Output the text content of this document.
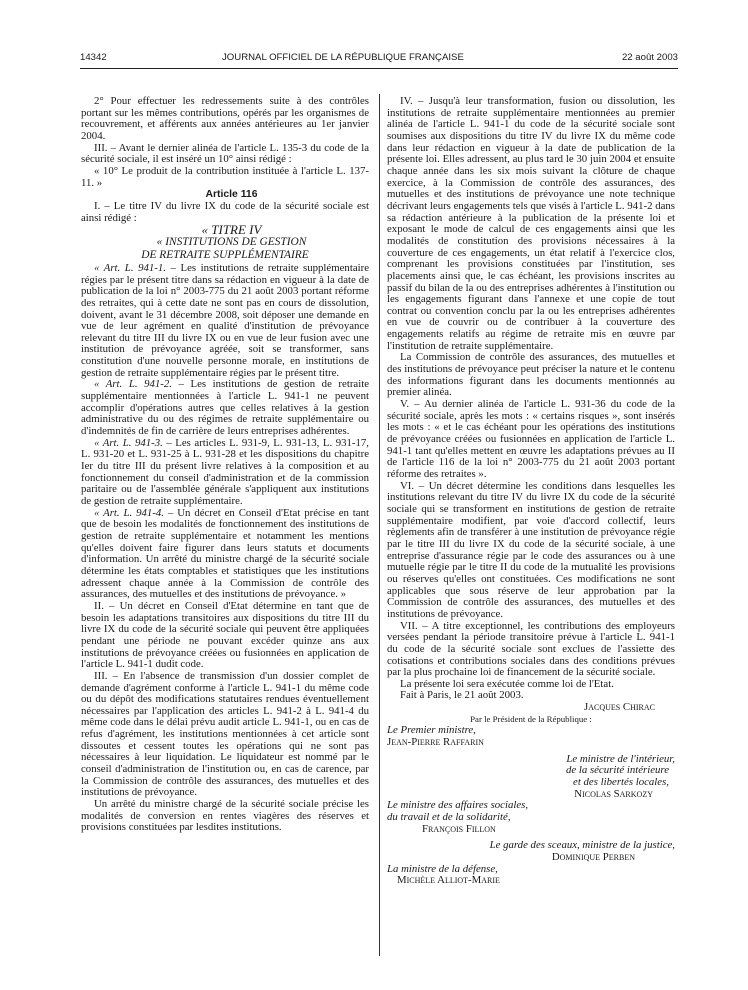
14342	JOURNAL OFFICIEL DE LA RÉPUBLIQUE FRANÇAISE	22 août 2003

2° Pour effectuer les redressements suite à des contrôles portant sur les mêmes contributions, opérés par les organismes de recouvrement, et afférents aux années antérieures au 1er janvier 2004.

III. – Avant le dernier alinéa de l'article L. 135-3 du code de la sécurité sociale, il est inséré un 10° ainsi rédigé :

« 10° Le produit de la contribution instituée à l'article L. 137-11. »

Article 116

I. – Le titre IV du livre IX du code de la sécurité sociale est ainsi rédigé :

« TITRE IV

« INSTITUTIONS DE GESTION
DE RETRAITE SUPPLÉMENTAIRE

« Art. L. 941-1. – Les institutions de retraite supplémentaire régies par le présent titre dans sa rédaction en vigueur à la date de publication de la loi n° 2003-775 du 21 août 2003 portant réforme des retraites, qui à cette date ne sont pas en cours de dissolution, doivent, avant le 31 décembre 2008, soit déposer une demande en vue de leur agrément en qualité d'institution de prévoyance relevant du titre III du livre IX ou en vue de leur fusion avec une institution de prévoyance agréée, soit se transformer, sans constitution d'une nouvelle personne morale, en institutions de gestion de retraite supplémentaire régies par le présent titre.

« Art. L. 941-2. – Les institutions de gestion de retraite supplémentaire mentionnées à l'article L. 941-1 ne peuvent accomplir d'opérations autres que celles relatives à la gestion administrative du ou des régimes de retraite supplémentaire ou d'indemnités de fin de carrière de leurs entreprises adhérentes.

« Art. L. 941-3. – Les articles L. 931-9, L. 931-13, L. 931-17, L. 931-20 et L. 931-25 à L. 931-28 et les dispositions du chapitre Ier du titre III du présent livre relatives à la composition et au fonctionnement du conseil d'administration et de la commission paritaire ou de l'assemblée générale s'appliquent aux institutions de gestion de retraite supplémentaire.

« Art. L. 941-4. – Un décret en Conseil d'Etat précise en tant que de besoin les modalités de fonctionnement des institutions de gestion de retraite supplémentaire et notamment les mentions qu'elles doivent faire figurer dans leurs statuts et documents d'information. Un arrêté du ministre chargé de la sécurité sociale détermine les états comptables et statistiques que les institutions adressent chaque année à la Commission de contrôle des assurances, des mutuelles et des institutions de prévoyance. »

II. – Un décret en Conseil d'Etat détermine en tant que de besoin les adaptations transitoires aux dispositions du titre III du livre IX du code de la sécurité sociale qui peuvent être appliquées pendant une période ne pouvant excéder quinze ans aux institutions de prévoyance créées ou fusionnées en application de l'article L. 941-1 dudit code.

III. – En l'absence de transmission d'un dossier complet de demande d'agrément conforme à l'article L. 941-1 du même code ou du dépôt des modifications statutaires rendues éventuellement nécessaires par l'application des articles L. 941-2 à L. 941-4 du même code dans le délai prévu audit article L. 941-1, ou en cas de refus d'agrément, les institutions mentionnées à cet article sont dissoutes et cessent toutes les opérations qui ne sont pas nécessaires à leur liquidation. Le liquidateur est nommé par le conseil d'administration de l'institution ou, en cas de carence, par la Commission de contrôle des assurances, des mutuelles et des institutions de prévoyance.

Un arrêté du ministre chargé de la sécurité sociale précise les modalités de conversion en rentes viagères des réserves et provisions constituées par lesdites institutions.

IV. – Jusqu'à leur transformation, fusion ou dissolution, les institutions de retraite supplémentaire mentionnées au premier alinéa de l'article L. 941-1 du code de la sécurité sociale sont soumises aux dispositions du titre IV du livre IX du même code dans leur rédaction en vigueur à la date de publication de la présente loi. Elles adressent, au plus tard le 30 juin 2004 et ensuite chaque année dans les six mois suivant la clôture de chaque exercice, à la Commission de contrôle des assurances, des mutuelles et des institutions de prévoyance une note technique décrivant leurs engagements tels que visés à l'article L. 941-2 dans sa rédaction antérieure à la publication de la présente loi et exposant le mode de calcul de ces engagements ainsi que les modalités de constitution des provisions nécessaires à la couverture de ces engagements, un état relatif à l'exercice clos, comprenant les provisions constituées par l'institution, ses placements ainsi que, le cas échéant, les provisions inscrites au passif du bilan de la ou des entreprises adhérentes à l'institution ou les engagements figurant dans l'annexe et une copie de tout contrat ou convention conclu par la ou les entreprises adhérentes en vue de couvrir ou de contribuer à la couverture des engagements relatifs au régime de retraite mis en œuvre par l'institution de retraite supplémentaire.

La Commission de contrôle des assurances, des mutuelles et des institutions de prévoyance peut préciser la nature et le contenu des informations figurant dans les documents mentionnés au premier alinéa.

V. – Au dernier alinéa de l'article L. 931-36 du code de la sécurité sociale, après les mots : « certains risques », sont insérés les mots : « et le cas échéant pour les opérations des institutions de prévoyance créées ou fusionnées en application de l'article L. 941-1 tant qu'elles mettent en œuvre les adaptations prévues au II de l'article 116 de la loi n° 2003-775 du 21 août 2003 portant réforme des retraites ».

VI. – Un décret détermine les conditions dans lesquelles les institutions relevant du titre IV du livre IX du code de la sécurité sociale qui se transforment en institutions de gestion de retraite supplémentaire modifient, par voie d'accord collectif, leurs règlements afin de transférer à une institution de prévoyance régie par le titre III du livre IX du code de la sécurité sociale, à une entreprise d'assurance régie par le code des assurances ou à une mutuelle régie par le titre II du code de la mutualité les provisions ou réserves qu'elles ont constituées. Ces modifications ne sont applicables que sous réserve de leur approbation par la Commission de contrôle des assurances, des mutuelles et des institutions de prévoyance.

VII. – A titre exceptionnel, les contributions des employeurs versées pendant la période transitoire prévue à l'article L. 941-1 du code de la sécurité sociale sont exclues de l'assiette des cotisations et contributions sociales dans des conditions prévues par la plus prochaine loi de financement de la sécurité sociale.

La présente loi sera exécutée comme loi de l'Etat.

Fait à Paris, le 21 août 2003.

Jacques Chirac

Par le Président de la République :

Le Premier ministre,

Jean-Pierre Raffarin

Le ministre de l'intérieur,

de la sécurité intérieure

et des libertés locales,

Nicolas Sarkozy

Le ministre des affaires sociales,

du travail et de la solidarité,

François Fillon

Le garde des sceaux, ministre de la justice,

Dominique Perben

La ministre de la défense,

Michèle Alliot-Marie
